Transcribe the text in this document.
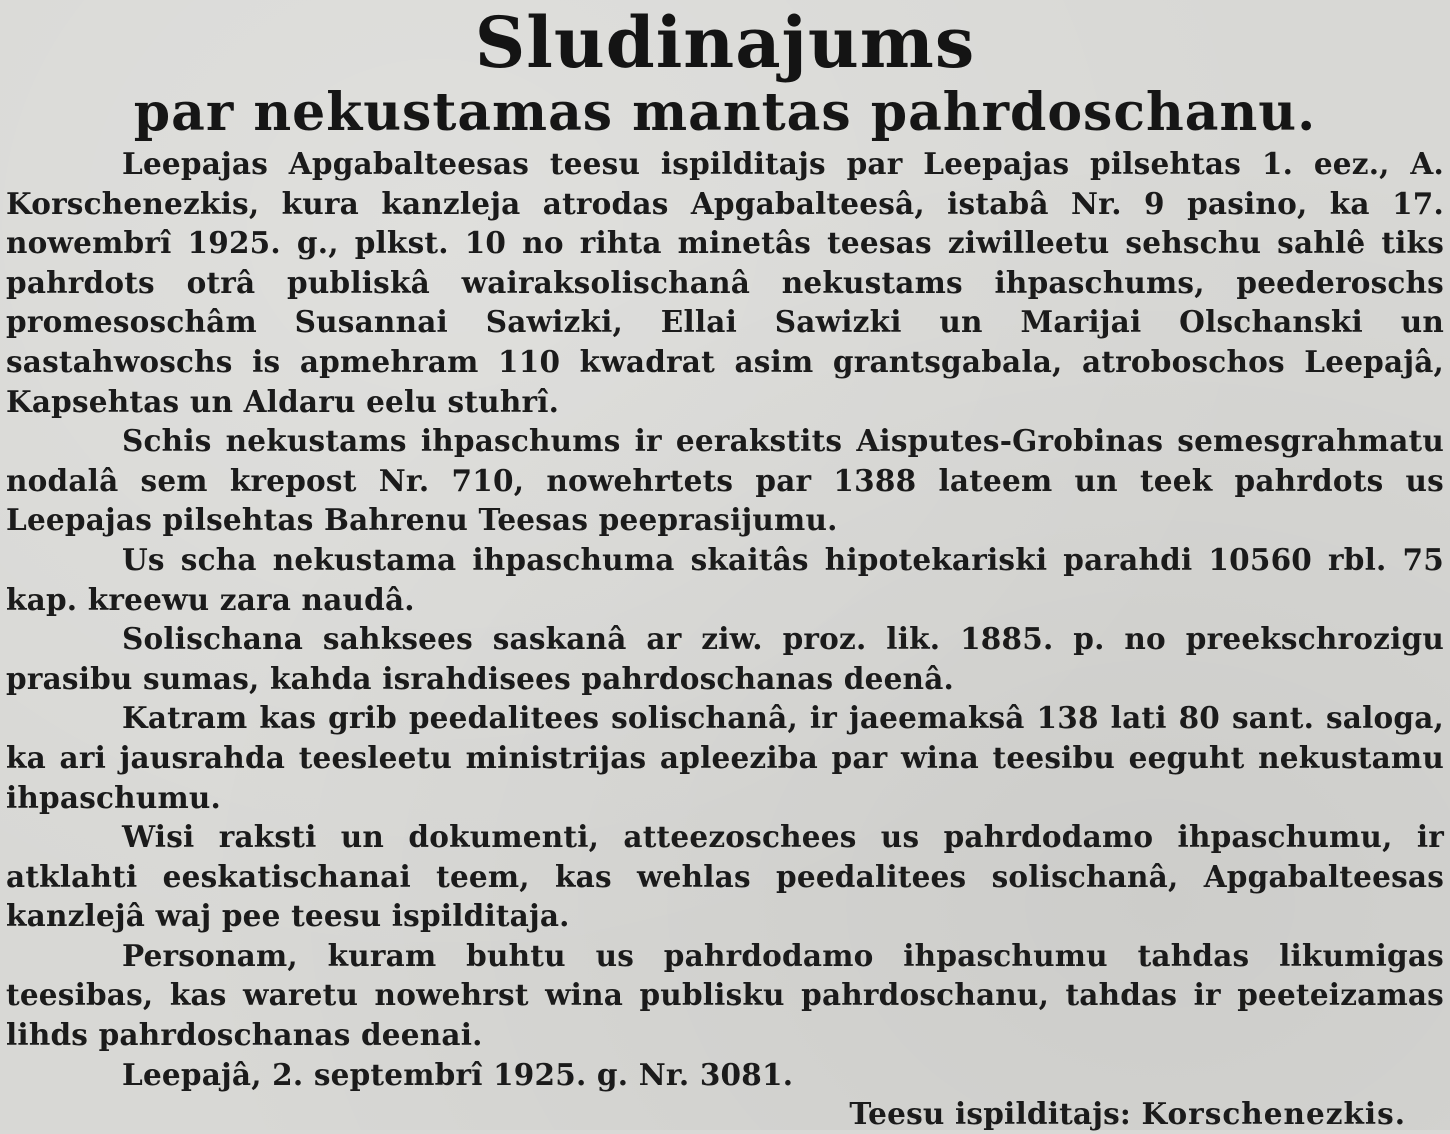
Sludinajums
par nekustamas mantas pahrdoschanu.

Leepajas Apgabalteesas teesu ispilditajs par Leepajas pilsehtas 1. eez., A. Korschenezkis, kura kanzleja atrodas Apgabalteesâ, istabâ Nr. 9 pasino, ka 17. nowembrî 1925. g., plkst. 10 no rihta minetâs teesas ziwilleetu sehschu sahlê tiks pahrdots otrâ publiskâ wairaksolischanâ nekustams ihpaschums, peederoschs promesoschâm Susannai Sawizki, Ellai Sawizki un Marijai Olschanski un sastahwoschs is apmehram 110 kwadrat asim grantsgabala, atroboschos Leepajâ, Kapsehtas un Aldaru eelu stuhrî.

Schis nekustams ihpaschums ir eerakstits Aisputes-Grobinas semesgrahmatu nodalâ sem krepost Nr. 710, nowehrtets par 1388 lateem un teek pahrdots us Leepajas pilsehtas Bahrenu Teesas peeprasijumu.

Us scha nekustama ihpaschuma skaitâs hipotekariski parahdi 10560 rbl. 75 kap. kreewu zara naudâ.

Solischana sahksees saskanâ ar ziw. proz. lik. 1885. p. no preekschrozigu prasibu sumas, kahda israhdisees pahrdoschanas deenâ.

Katram kas grib peedalitees solischanâ, ir jaeemaksâ 138 lati 80 sant. saloga, ka ari jausrahda teesleetu ministrijas apleeziba par wina teesibu eeguht nekustamu ihpaschumu.

Wisi raksti un dokumenti, atteezoschees us pahrdodamo ihpaschumu, ir atklahti eeskatischanai teem, kas wehlas peedalitees solischanâ, Apgabalteesas kanzlejâ waj pee teesu ispilditaja.

Personam, kuram buhtu us pahrdodamo ihpaschumu tahdas likumigas teesibas, kas waretu nowehrst wina publisku pahrdoschanu, tahdas ir peeteizamas lihds pahrdoschanas deenai.

Leepajâ, 2. septembrî 1925. g. Nr. 3081.

Teesu ispilditajs: Korschenezkis.
